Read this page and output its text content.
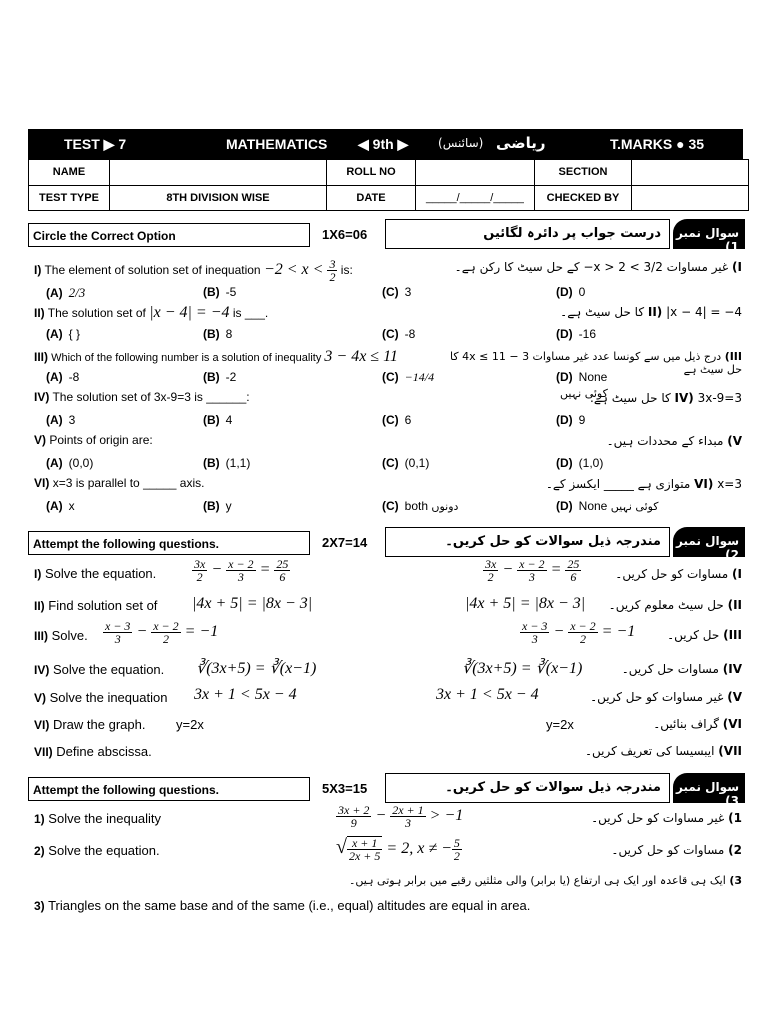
TEST ▶ 7	MATHEMATICS ◀ 9th ▶ (سائنس) ریاضی	T.MARKS ● 35
NAME		ROLL NO		SECTION	
TEST TYPE	8TH DIVISION WISE	DATE	_____/_____/_____	CHECKED BY	
Circle the Correct Option	1X6=06	درست جواب پر دائرہ لگائیں	سوال نمبر 1)
I) The element of solution set of inequation $-2 < x < \frac{3}{2}$ is:	I) غیر مساوات 3/2 > x > 2− کے حل سیٹ کا رکن ہے۔
(A) 2/3	(B) -5	(C) 3	(D) 0
II) The solution set of |x − 4| = −4 is ___.	II) |x − 4| = −4 کا حل سیٹ ہے۔
(A) { }	(B) 8	(C) -8	(D) -16
III) Which of the following number is a solution of inequality 3 − 4x ≤ 11	III) درج ذیل میں سے کونسا عدد غیر مساوات 3 − 4x ≤ 11 کا حل سیٹ ہے
(A) -8	(B) -2	(C) −14/4	(D) None
کوئی نہیں
IV) The solution set of 3x-9=3 is ______:	IV) 3x-9=3 کا حل سیٹ ہے:
(A) 3	(B) 4	(C) 6	(D) 9
V) Points of origin are:	V) مبداء کے محددات ہیں۔
(A) (0,0)	(B) (1,1)	(C) (0,1)	(D) (1,0)
VI) x=3 is parallel to _____ axis.	VI) x=3 متوازی ہے _____ ایکسز کے۔
(A) x	(B) y	(C) both دونوں	(D) None کوئی نہیں
Attempt the following questions.	2X7=14	مندرجہ ذیل سوالات کو حل کریں۔	سوال نمبر 2)
I) Solve the equation.	$\frac{3x}{2} - \frac{x - 2}{3} = \frac{25}{6}$	$\frac{3x}{2} - \frac{x - 2}{3} = \frac{25}{6}$	I) مساوات کو حل کریں۔
II) Find solution set of |4x + 5| = |8x − 3|	|4x + 5| = |8x − 3|	II) حل سیٹ معلوم کریں۔
III) Solve. $\frac{x - 3}{3} - \frac{x - 2}{2} = -1$	$\frac{x - 3}{3} - \frac{x - 2}{2} = -1$	III) حل کریں۔
IV) Solve the equation. ∛(3x+5) = ∛(x−1)	∛(3x+5) = ∛(x−1)	IV) مساوات حل کریں۔
V) Solve the inequation 3x + 1 < 5x − 4	3x + 1 < 5x − 4	V) غیر مساوات کو حل کریں۔
VI) Draw the graph. y=2x	y=2x	VI) گراف بنائیں۔
VII) Define abscissa.	VII) ایبسیسا کی تعریف کریں۔
Attempt the following questions.	5X3=15	مندرجہ ذیل سوالات کو حل کریں۔	سوال نمبر 3)
1) Solve the inequality	$\frac{3x + 2}{9} - \frac{2x + 1}{3} > -1$	1) غیر مساوات کو حل کریں۔
2) Solve the equation.	√ $\frac{x + 1}{2x + 5} = 2$, x ≠ − $\frac{5}{2}$	2) مساوات کو حل کریں۔
3) ایک ہی قاعدہ اور ایک ہی ارتفاع (یا برابر) والی مثلثیں رقبے میں برابر ہوتی ہیں۔
3) Triangles on the same base and of the same (i.e., equal) altitudes are equal in area.
